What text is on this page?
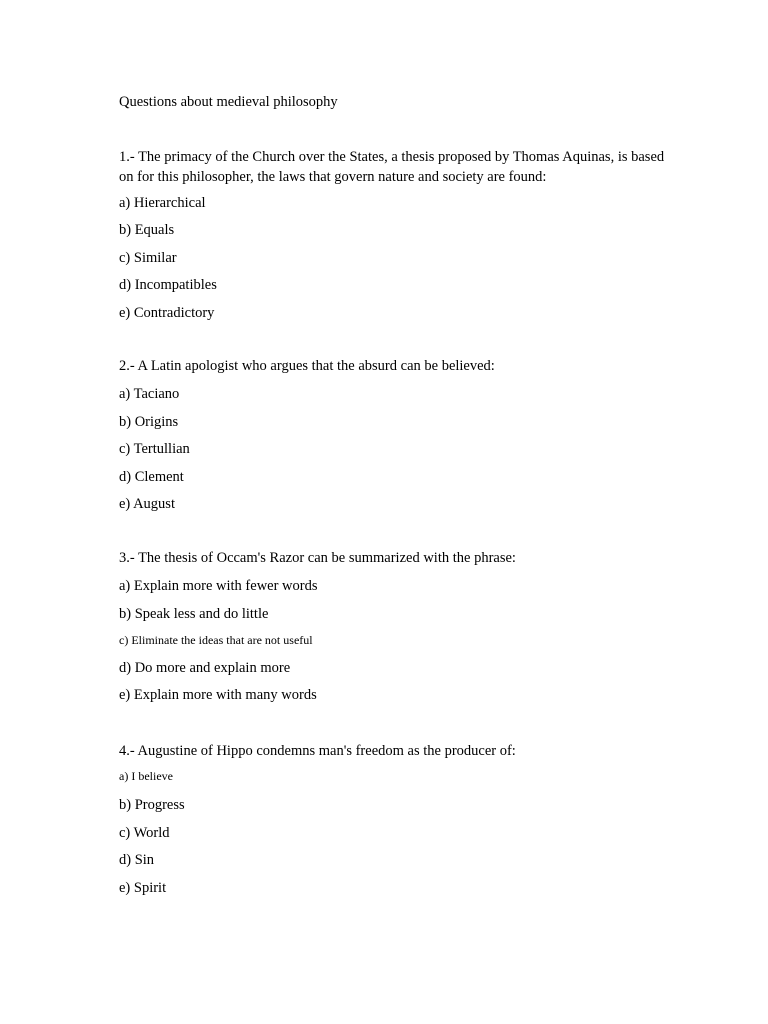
Questions about medieval philosophy

1.- The primacy of the Church over the States, a thesis proposed by Thomas Aquinas, is based on for this philosopher, the laws that govern nature and society are found:

a) Hierarchical

b) Equals

c) Similar

d) Incompatibles

e) Contradictory

2.- A Latin apologist who argues that the absurd can be believed:

a) Taciano

b) Origins

c) Tertullian

d) Clement

e) August

3.- The thesis of Occam's Razor can be summarized with the phrase:

a) Explain more with fewer words

b) Speak less and do little

c) Eliminate the ideas that are not useful

d) Do more and explain more

e) Explain more with many words

4.- Augustine of Hippo condemns man's freedom as the producer of:

a) I believe

b) Progress

c) World

d) Sin

e) Spirit
